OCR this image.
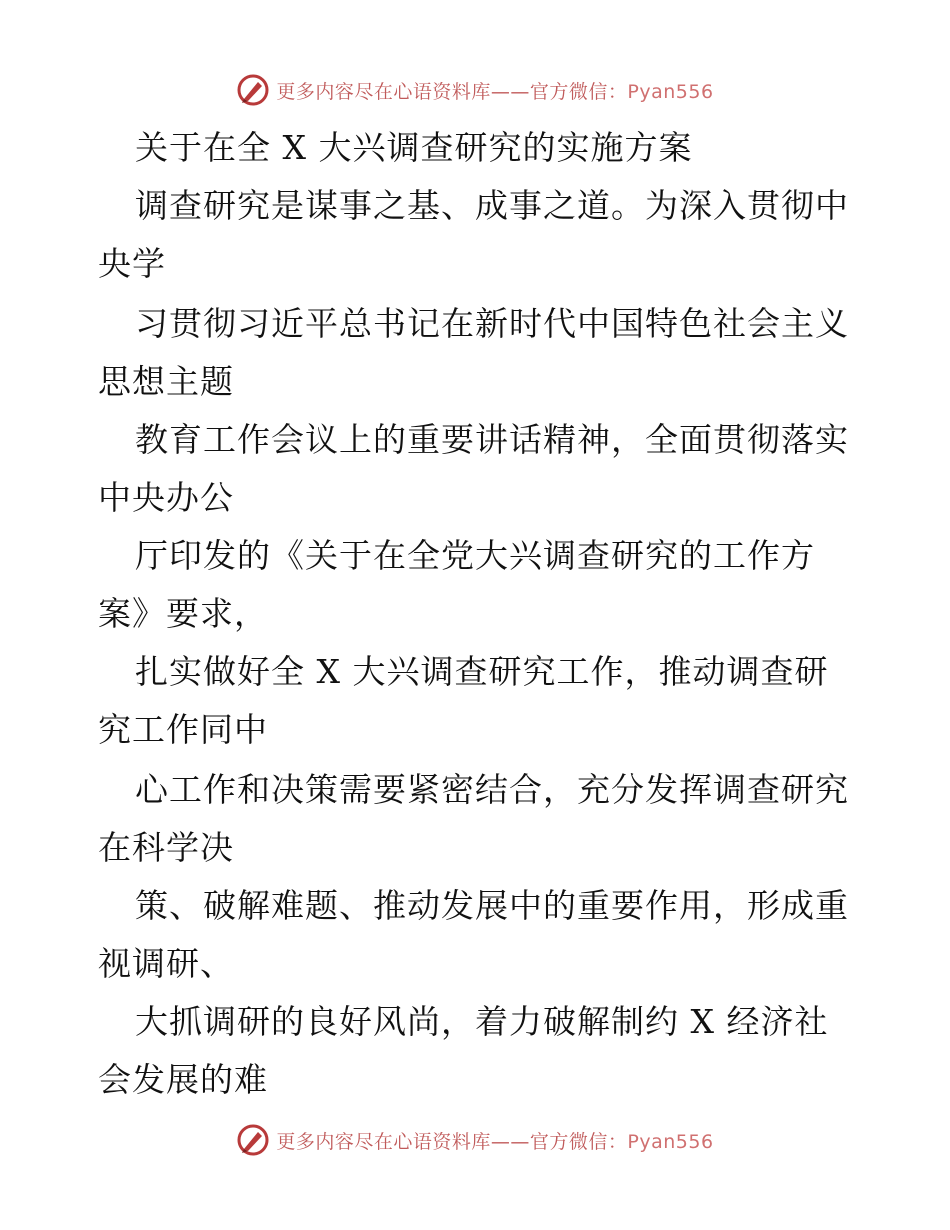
更多内容尽在心语资料库——官方微信：Pyan556
关于在全 X 大兴调查研究的实施方案
调查研究是谋事之基、成事之道。为深入贯彻中
央学
习贯彻习近平总书记在新时代中国特色社会主义
思想主题
教育工作会议上的重要讲话精神，全面贯彻落实
中央办公
厅印发的《关于在全党大兴调查研究的工作方
案》要求，
扎实做好全 X 大兴调查研究工作，推动调查研
究工作同中
心工作和决策需要紧密结合，充分发挥调查研究
在科学决
策、破解难题、推动发展中的重要作用，形成重
视调研、
大抓调研的良好风尚，着力破解制约 X 经济社
会发展的难
更多内容尽在心语资料库——官方微信：Pyan556
